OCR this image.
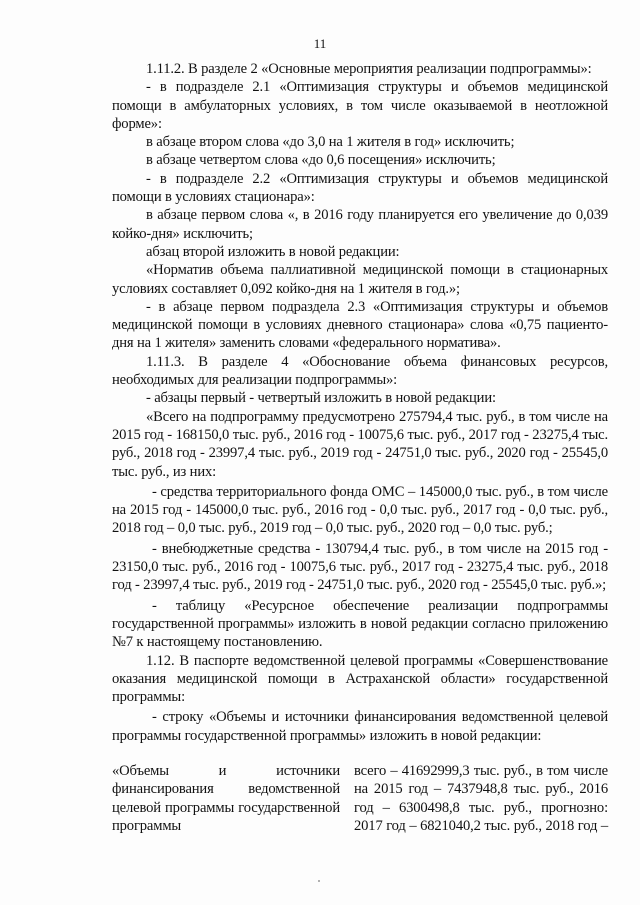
11

1.11.2. В разделе 2 «Основные мероприятия реализации подпрограммы»:

- в подразделе 2.1 «Оптимизация структуры и объемов медицинской помощи в амбулаторных условиях, в том числе оказываемой в неотложной форме»:

в абзаце втором слова «до 3,0 на 1 жителя в год» исключить;

в абзаце четвертом слова «до 0,6 посещения» исключить;

- в подразделе 2.2 «Оптимизация структуры и объемов медицинской помощи в условиях стационара»:

в абзаце первом слова «, в 2016 году планируется его увеличение до 0,039 койко-дня» исключить;

абзац второй изложить в новой редакции:

«Норматив объема паллиативной медицинской помощи в стационарных условиях составляет 0,092 койко-дня на 1 жителя в год.»;

- в абзаце первом подраздела 2.3 «Оптимизация структуры и объемов медицинской помощи в условиях дневного стационара» слова «0,75 пациенто-дня на 1 жителя» заменить словами «федерального норматива».

1.11.3. В разделе 4 «Обоснование объема финансовых ресурсов, необходимых для реализации подпрограммы»:

- абзацы первый - четвертый изложить в новой редакции:

«Всего на подпрограмму предусмотрено 275794,4 тыс. руб., в том числе на 2015 год - 168150,0 тыс. руб., 2016 год - 10075,6 тыс. руб., 2017 год - 23275,4 тыс. руб., 2018 год - 23997,4 тыс. руб., 2019 год - 24751,0 тыс. руб., 2020 год - 25545,0 тыс. руб., из них:

- средства территориального фонда ОМС – 145000,0 тыс. руб., в том числе на 2015 год - 145000,0 тыс. руб., 2016 год - 0,0 тыс. руб., 2017 год - 0,0 тыс. руб., 2018 год – 0,0 тыс. руб., 2019 год – 0,0 тыс. руб., 2020 год – 0,0 тыс. руб.;

- внебюджетные средства - 130794,4 тыс. руб., в том числе на 2015 год - 23150,0 тыс. руб., 2016 год - 10075,6 тыс. руб., 2017 год - 23275,4 тыс. руб., 2018 год - 23997,4 тыс. руб., 2019 год - 24751,0 тыс. руб., 2020 год - 25545,0 тыс. руб.»;

- таблицу «Ресурсное обеспечение реализации подпрограммы государственной программы» изложить в новой редакции согласно приложению №7 к настоящему постановлению.

1.12. В паспорте ведомственной целевой программы «Совершенствование оказания медицинской помощи в Астраханской области» государственной программы:

- строку «Объемы и источники финансирования ведомственной целевой программы государственной программы» изложить в новой редакции:

«Объемы и источники финансирования ведомственной целевой программы государственной программы

всего – 41692999,3 тыс. руб., в том числе на 2015 год – 7437948,8 тыс. руб., 2016 год – 6300498,8 тыс. руб., прогнозно: 2017 год – 6821040,2 тыс. руб., 2018 год –
